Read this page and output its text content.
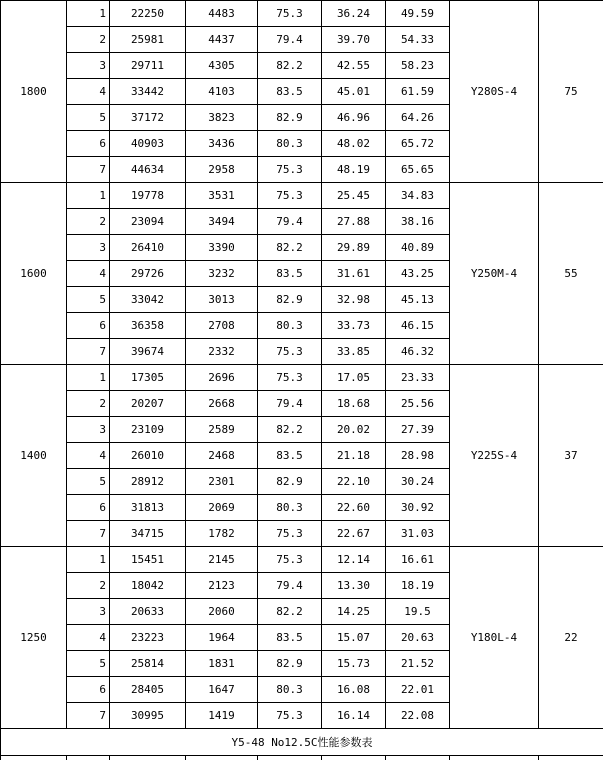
1800	1	22250	4483	75.3	36.24	49.59	Y280S-4	75
	2	25981	4437	79.4	39.70	54.33		
	3	29711	4305	82.2	42.55	58.23		
	4	33442	4103	83.5	45.01	61.59		
	5	37172	3823	82.9	46.96	64.26		
	6	40903	3436	80.3	48.02	65.72		
	7	44634	2958	75.3	48.19	65.65		
1600	1	19778	3531	75.3	25.45	34.83	Y250M-4	55
	2	23094	3494	79.4	27.88	38.16		
	3	26410	3390	82.2	29.89	40.89		
	4	29726	3232	83.5	31.61	43.25		
	5	33042	3013	82.9	32.98	45.13		
	6	36358	2708	80.3	33.73	46.15		
	7	39674	2332	75.3	33.85	46.32		
1400	1	17305	2696	75.3	17.05	23.33	Y225S-4	37
	2	20207	2668	79.4	18.68	25.56		
	3	23109	2589	82.2	20.02	27.39		
	4	26010	2468	83.5	21.18	28.98		
	5	28912	2301	82.9	22.10	30.24		
	6	31813	2069	80.3	22.60	30.92		
	7	34715	1782	75.3	22.67	31.03		
1250	1	15451	2145	75.3	12.14	16.61	Y180L-4	22
	2	18042	2123	79.4	13.30	18.19		
	3	20633	2060	82.2	14.25	19.5		
	4	23223	1964	83.5	15.07	20.63		
	5	25814	1831	82.9	15.73	21.52		
	6	28405	1647	80.3	16.08	22.01		
	7	30995	1419	75.3	16.14	22.08		
Y5-48 No12.5C性能参数表								
